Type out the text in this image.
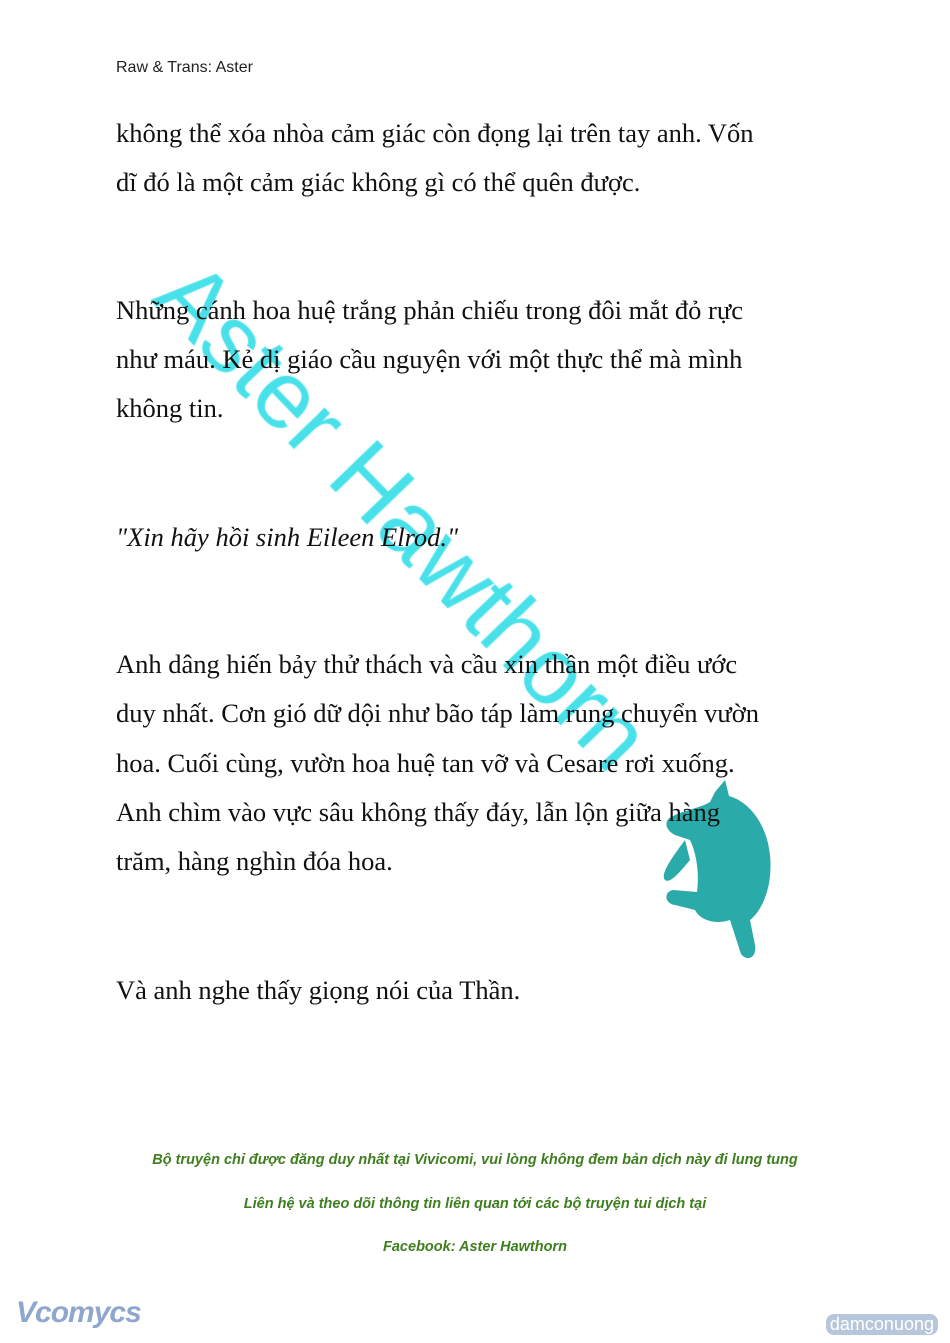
Raw & Trans: Aster
không thể xóa nhòa cảm giác còn đọng lại trên tay anh. Vốn
dĩ đó là một cảm giác không gì có thể quên được.
Những cánh hoa huệ trắng phản chiếu trong đôi mắt đỏ rực
như máu. Kẻ dị giáo cầu nguyện với một thực thể mà mình
không tin.
"Xin hãy hồi sinh Eileen Elrod."
Anh dâng hiến bảy thử thách và cầu xin thần một điều ước
duy nhất. Cơn gió dữ dội như bão táp làm rung chuyển vườn
hoa. Cuối cùng, vườn hoa huệ tan vỡ và Cesare rơi xuống.
Anh chìm vào vực sâu không thấy đáy, lẫn lộn giữa hàng
trăm, hàng nghìn đóa hoa.
Và anh nghe thấy giọng nói của Thần.
Bộ truyện chỉ được đăng duy nhất tại Vivicomi, vui lòng không đem bản dịch này đi lung tung
Liên hệ và theo dõi thông tin liên quan tới các bộ truyện tui dịch tại
Facebook: Aster Hawthorn
Vcomycs	damconuong
